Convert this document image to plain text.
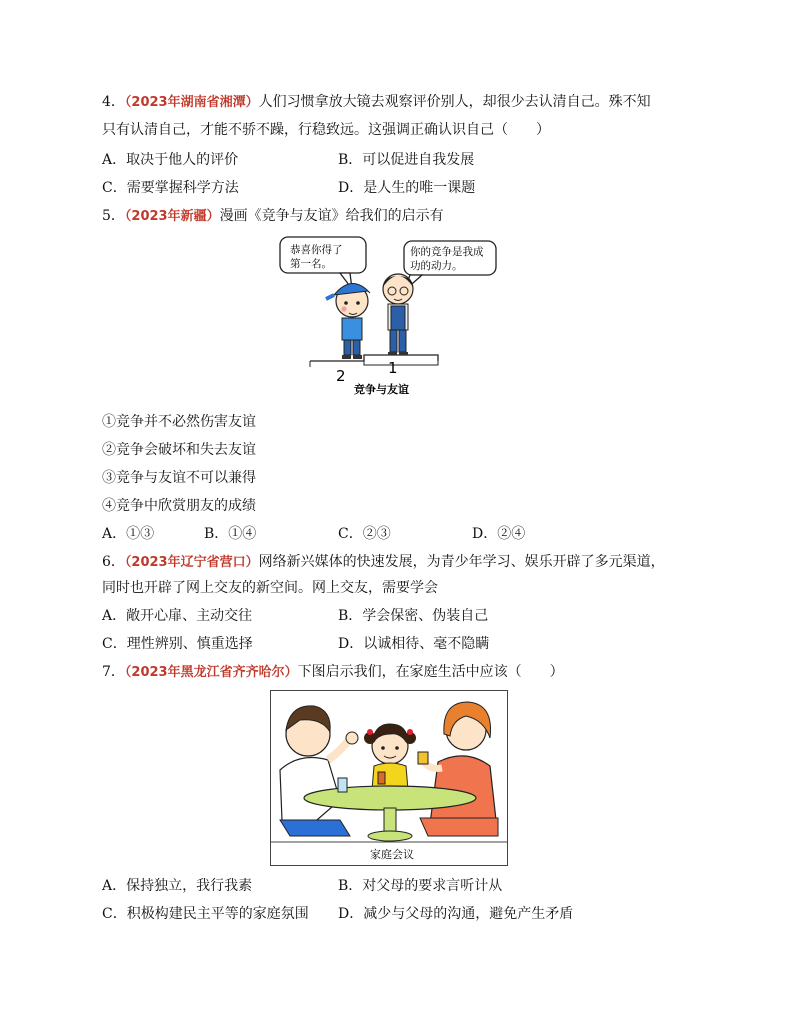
4．（2023年湖南省湘潭）人们习惯拿放大镜去观察评价别人，却很少去认清自己。殊不知
只有认清自己，才能不骄不躁，行稳致远。这强调正确认识自己（　　）
A．取决于他人的评价	B．可以促进自我发展
C．需要掌握科学方法	D．是人生的唯一课题
5．（2023年新疆）漫画《竞争与友谊》给我们的启示有
恭喜你得了
第一名。
你的竞争是我成
功的动力。
2	1
竞争与友谊
①竞争并不必然伤害友谊
②竞争会破坏和失去友谊
③竞争与友谊不可以兼得
④竞争中欣赏朋友的成绩
A．①③	B．①④	C．②③	D．②④
6．（2023年辽宁省营口）网络新兴媒体的快速发展，为青少年学习、娱乐开辟了多元渠道，
同时也开辟了网上交友的新空间。网上交友，需要学会
A．敞开心扉、主动交往	B．学会保密、伪装自己
C．理性辨别、慎重选择	D．以诚相待、毫不隐瞒
7．（2023年黑龙江省齐齐哈尔）下图启示我们，在家庭生活中应该（　　）
家庭会议
A．保持独立，我行我素	B．对父母的要求言听计从
C．积极构建民主平等的家庭氛围 D．减少与父母的沟通，避免产生矛盾
